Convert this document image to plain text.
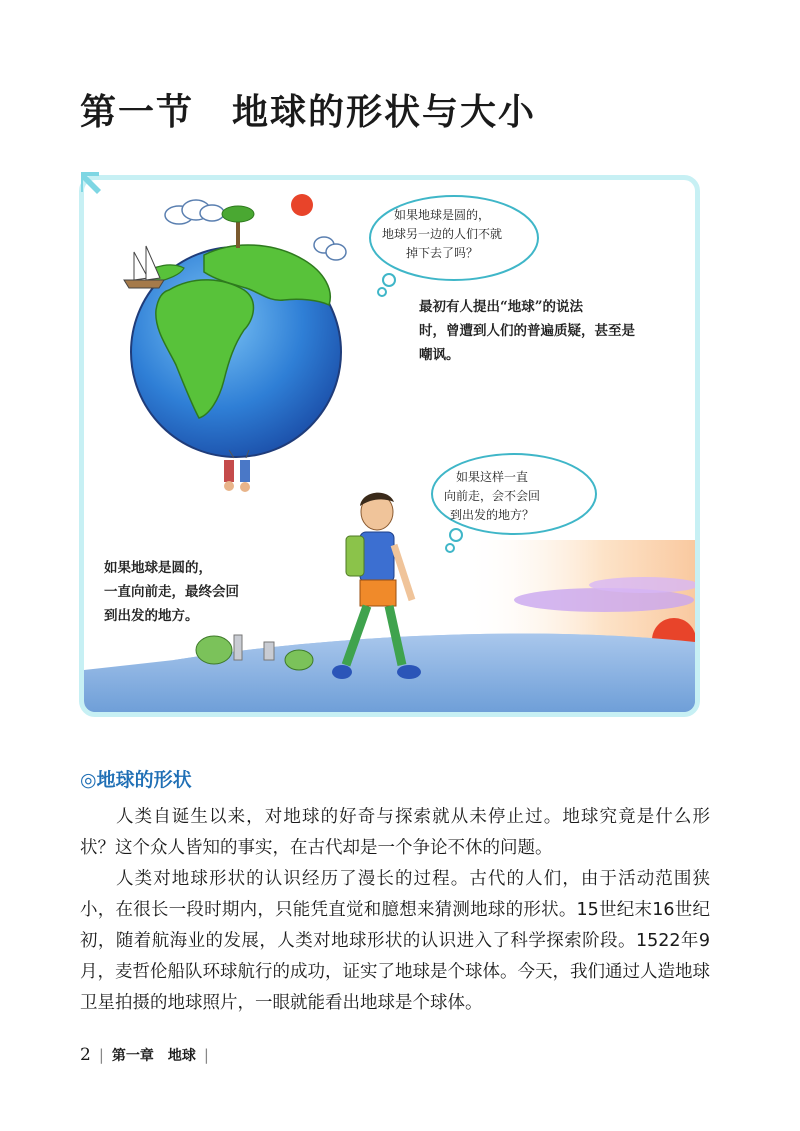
第一节　地球的形状与大小
如果地球是圆的，
地球另一边的人们不就
掉下去了吗？
最初有人提出“地球”的说法
时，曾遭到人们的普遍质疑，甚至是
嘲讽。
如果这样一直
向前走，会不会回
到出发的地方？
如果地球是圆的，
一直向前走，最终会回
到出发的地方。
◎地球的形状
人类自诞生以来，对地球的好奇与探索就从未停止过。地球究竟是什么形状？这个众人皆知的事实，在古代却是一个争论不休的问题。
人类对地球形状的认识经历了漫长的过程。古代的人们，由于活动范围狭小，在很长一段时期内，只能凭直觉和臆想来猜测地球的形状。15世纪末16世纪初，随着航海业的发展，人类对地球形状的认识进入了科学探索阶段。1522年9月，麦哲伦船队环球航行的成功，证实了地球是个球体。今天，我们通过人造地球卫星拍摄的地球照片，一眼就能看出地球是个球体。
2 | 第一章　地球 |
